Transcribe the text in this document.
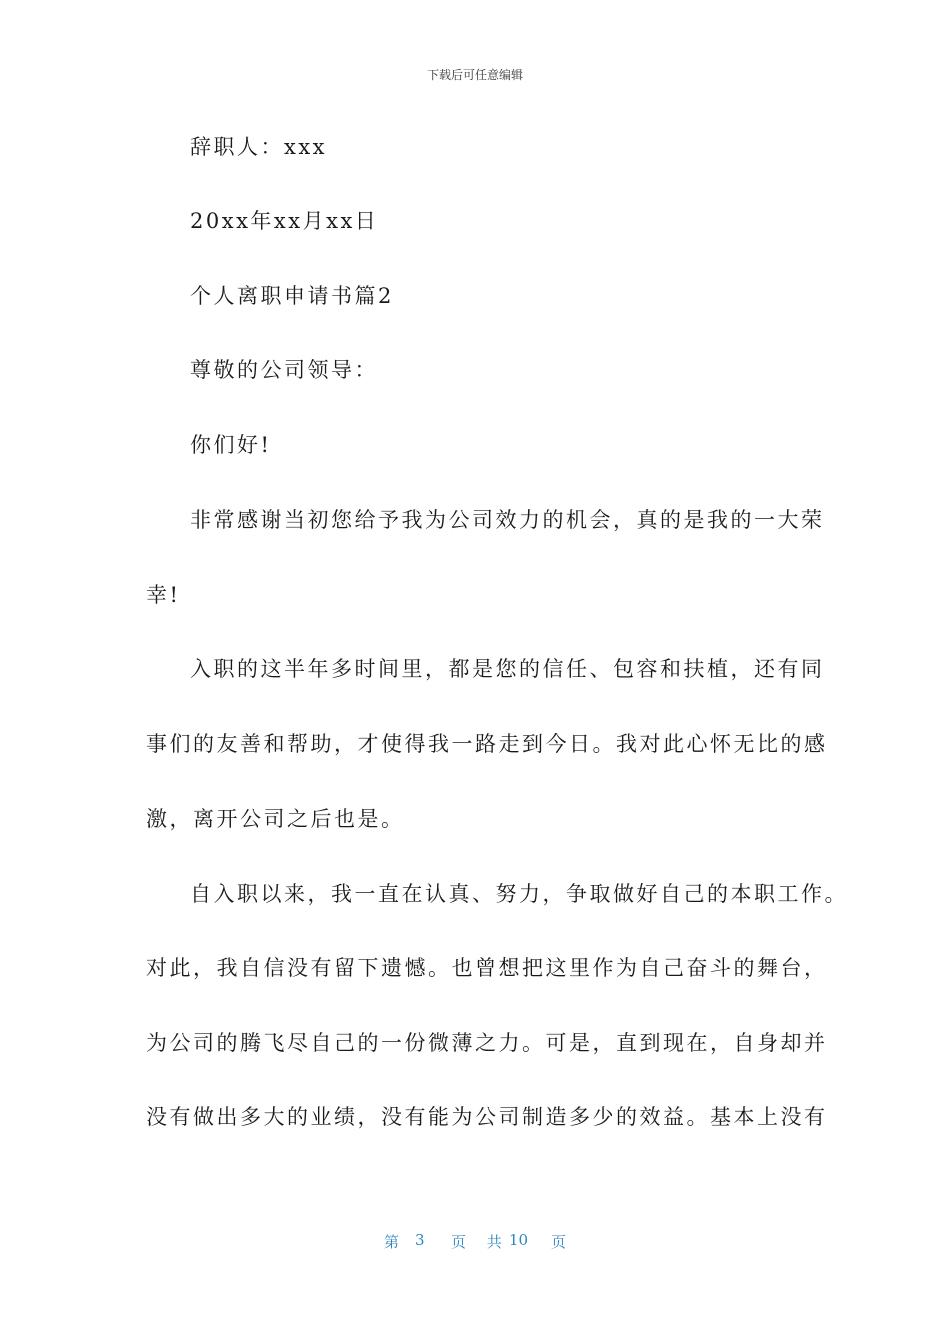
下载后可任意编辑
辞职人：xxx
20xx年xx月xx日
个人离职申请书篇2
尊敬的公司领导：
你们好!
非常感谢当初您给予我为公司效力的机会，真的是我的一大荣
幸!
入职的这半年多时间里，都是您的信任、包容和扶植，还有同
事们的友善和帮助，才使得我一路走到今日。我对此心怀无比的感
激，离开公司之后也是。
自入职以来，我一直在认真、努力，争取做好自己的本职工作。
对此，我自信没有留下遗憾。也曾想把这里作为自己奋斗的舞台，
为公司的腾飞尽自己的一份微薄之力。可是，直到现在，自身却并
没有做出多大的业绩，没有能为公司制造多少的效益。基本上没有
第 3 页 共 10 页
